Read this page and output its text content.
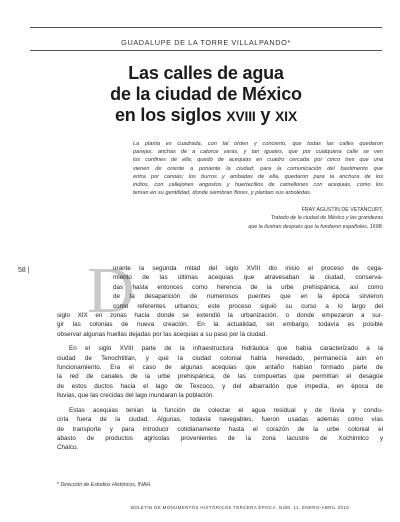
GUADALUPE DE LA TORRE VILLALPANDO*
Las calles de agua
de la ciudad de México
en los siglos XVIII y XIX
La planta es cuadrada, con tal orden y concierto, que todas las calles quedaron
parejas, anchas de a catorce varas, y tan iguales, que por cualquiera calle se ven
los confines de ella; quedó de acequias en cuadro cercada por cinco tres que una
vienen de oriente a poniente la ciudad; para la comunicación del bastimento que
entra por canoas; los burros y ambadas de ella, quedaron para la anchura de los
indios, con callejones angostos y huertecillos de camellones con acequias, como los
tenían en su gentilidad, donde siembran flores, y plantan sus arboledas.
FRAY AGUSTÍN DE VETANCURT,
Tratado de la ciudad de México y las grandezas
que la ilustran después que la fundaron españoles, 1698.
58 | D
urante la segunda mitad del siglo XVIII dio inicio el proceso de cega-
miento de las últimas acequias que atravesaban la ciudad, conserva-
das hasta entonces como herencia de la urbe prehispánica, así como
de la desaparición de numerosos puentes que en la época sirvieron
como referentes urbanos; este proceso siguió su curso a lo largo del
siglo XIX en zonas hacia donde se extendió la urbanización, o donde empezaron a sur-
gir las colonias de nueva creación. En la actualidad, sin embargo, todavía es posible
observar algunas huellas dejadas por las acequias a su paso por la ciudad.
En el siglo XVIII parte de la infraestructura hidráulica que había caracterizado a la
ciudad de Tenochtitlan, y que la ciudad colonial había heredado, permanecía aún en
funcionamiento. Era el caso de algunas acequias que antaño habían formado parte de
la red de canales de la urbe prehispánica, de las compuertas que permitían el desagüe
de estos ductos hacia el lago de Texcoco, y del albarradón que impedía, en época de
lluvias, que las crecidas del lago inundaran la población.
Estas acequias tenían la función de colectar el agua residual y de lluvia y condu-
cirla fuera de la ciudad. Algunas, todavía navegables, fueron usadas además como vías
de transporte y para introducir cotidianamente hasta el corazón de la urbe colonial el
abasto de productos agrícolas provenientes de la zona lacustre de Xochimilco y
Chalco.
* Dirección de Estudios Históricos, INAH.
BOLETÍN DE MONUMENTOS HISTÓRICOS TERCERA ÉPOCA, NÚM. 11, ENERO-ABRIL 2010
